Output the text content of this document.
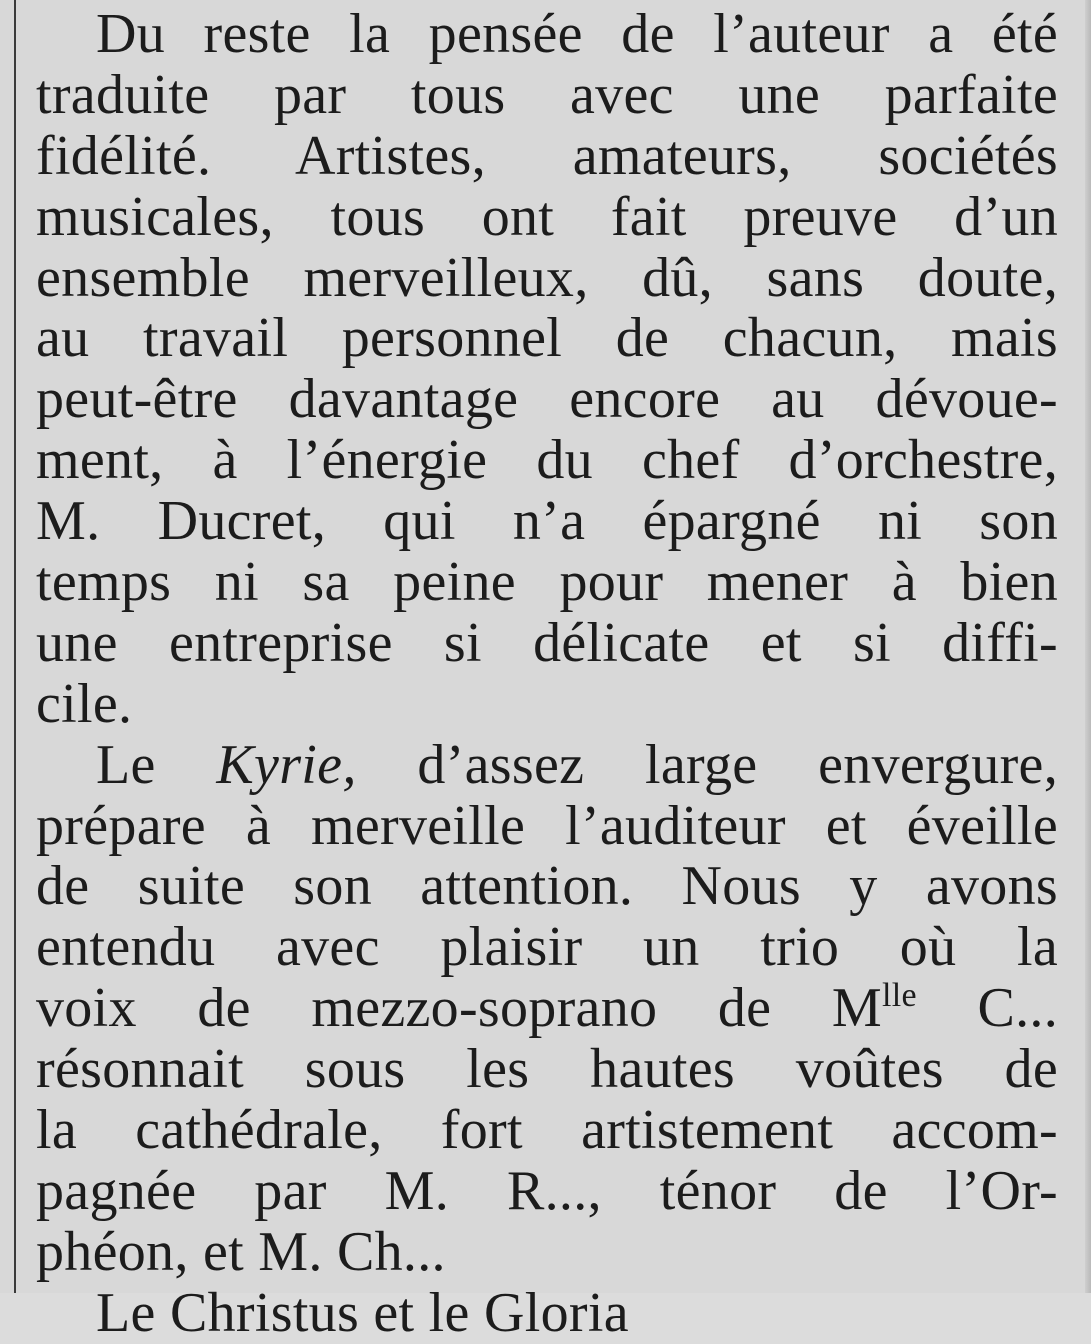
Du reste la pensée de l’auteur a été
traduite par tous avec une parfaite
fidélité. Artistes, amateurs, sociétés
musicales, tous ont fait preuve d’un
ensemble merveilleux, dû, sans doute,
au travail personnel de chacun, mais
peut-être davantage encore au dévoue-
ment, à l’énergie du chef d’orchestre,
M. Ducret, qui n’a épargné ni son
temps ni sa peine pour mener à bien
une entreprise si délicate et si diffi-
cile.
Le Kyrie, d’assez large envergure,
prépare à merveille l’auditeur et éveille
de suite son attention. Nous y avons
entendu avec plaisir un trio où la
voix de mezzo-soprano de $M^{lle}$ C...
résonnait sous les hautes voûtes de
la cathédrale, fort artistement accom-
pagnée par M. R..., ténor de l’Or-
phéon, et M. Ch...
Le Christus et le Gloria
